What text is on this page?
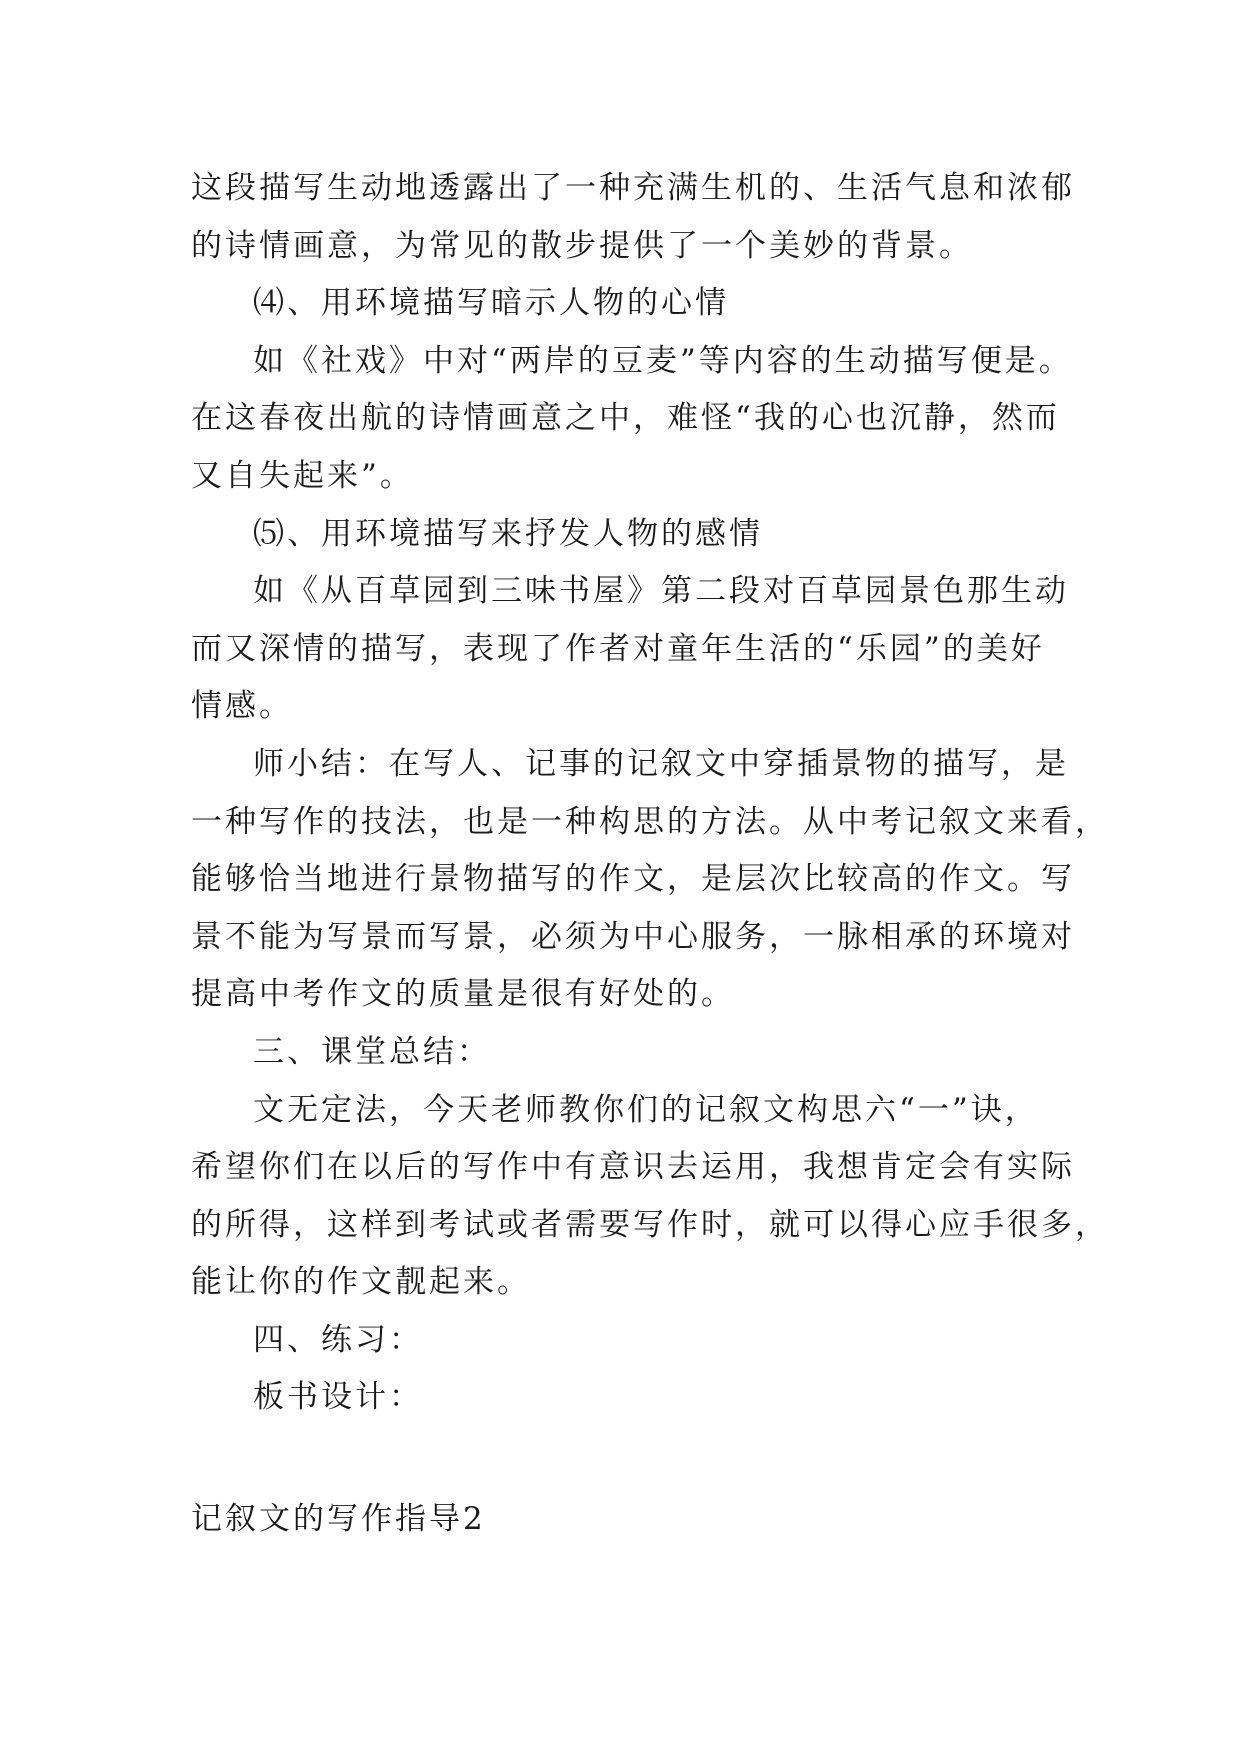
这段描写生动地透露出了一种充满生机的、生活气息和浓郁
的诗情画意，为常见的散步提供了一个美妙的背景。
⑷、用环境描写暗示人物的心情
如《社戏》中对“两岸的豆麦”等内容的生动描写便是。
在这春夜出航的诗情画意之中，难怪“我的心也沉静，然而
又自失起来”。
⑸、用环境描写来抒发人物的感情
如《从百草园到三味书屋》第二段对百草园景色那生动
而又深情的描写，表现了作者对童年生活的“乐园”的美好
情感。
师小结：在写人、记事的记叙文中穿插景物的描写，是
一种写作的技法，也是一种构思的方法。从中考记叙文来看，
能够恰当地进行景物描写的作文，是层次比较高的作文。写
景不能为写景而写景，必须为中心服务，一脉相承的环境对
提高中考作文的质量是很有好处的。
三、课堂总结：
文无定法，今天老师教你们的记叙文构思六“一”诀，
希望你们在以后的写作中有意识去运用，我想肯定会有实际
的所得，这样到考试或者需要写作时，就可以得心应手很多，
能让你的作文靓起来。
四、练习：
板书设计：
记叙文的写作指导2
